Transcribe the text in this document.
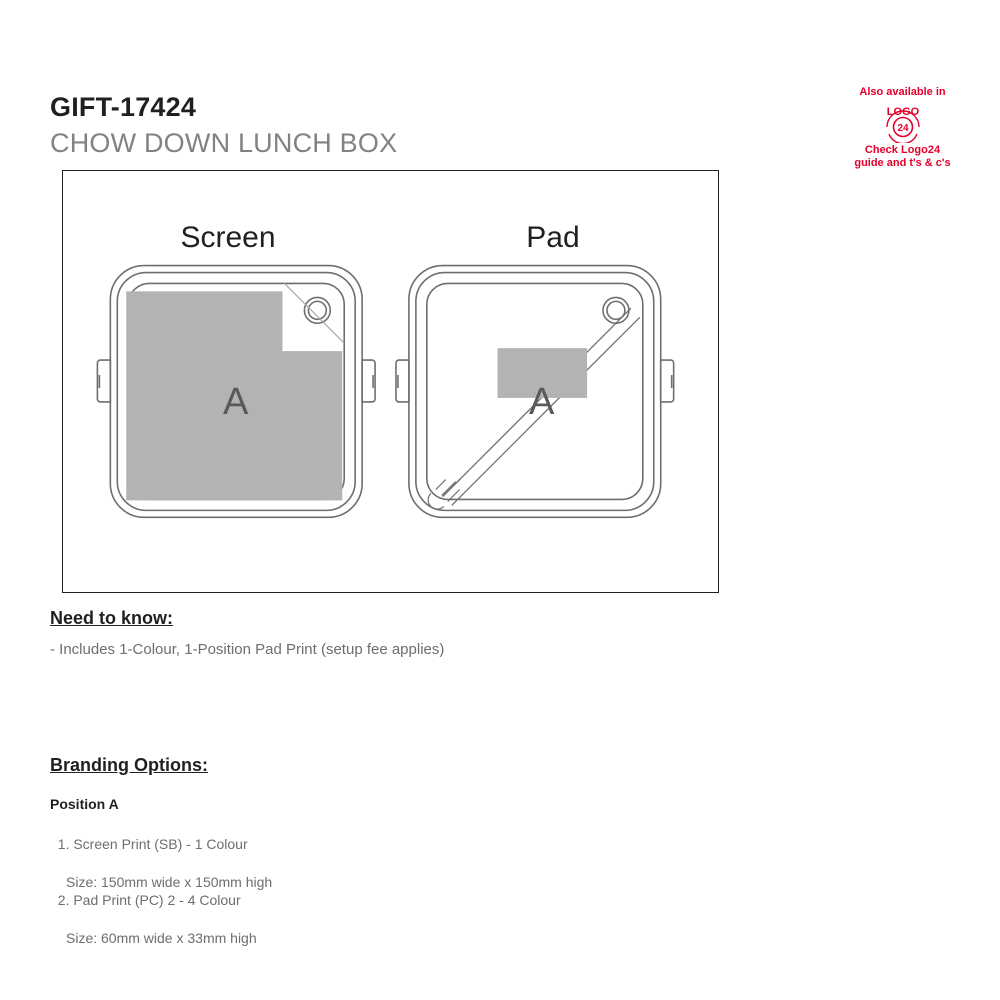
GIFT-17424
CHOW DOWN LUNCH BOX
Also available in
LOGO
24
Check Logo24
guide and t's & c's
Screen	Pad
A	A
Need to know:
- Includes 1-Colour, 1-Position Pad Print (setup fee applies)
Branding Options:
Position A

1. Screen Print (SB) - 1 Colour

Size: 150mm wide x 150mm high

2. Pad Print (PC) 2 - 4 Colour

Size: 60mm wide x 33mm high
